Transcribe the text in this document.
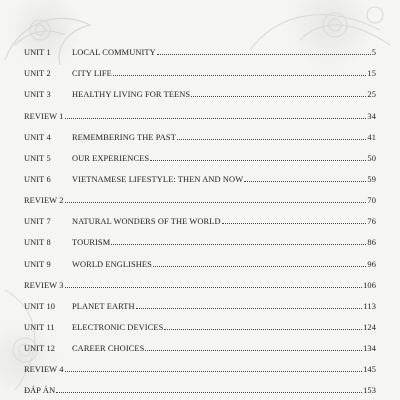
UNIT 1	LOCAL COMMUNITY	5
UNIT 2	CITY LIFE	15
UNIT 3	HEALTHY LIVING FOR TEENS	25
REVIEW 1	34
UNIT 4	REMEMBERING THE PAST	41
UNIT 5	OUR EXPERIENCES	50
UNIT 6	VIETNAMESE LIFESTYLE: THEN AND NOW	59
REVIEW 2	70
UNIT 7	NATURAL WONDERS OF THE WORLD	76
UNIT 8	TOURISM	86
UNIT 9	WORLD ENGLISHES	96
REVIEW 3	106
UNIT 10	PLANET EARTH	113
UNIT 11	ELECTRONIC DEVICES	124
UNIT 12	CAREER CHOICES	134
REVIEW 4	145
ĐÁP ÁN	153
